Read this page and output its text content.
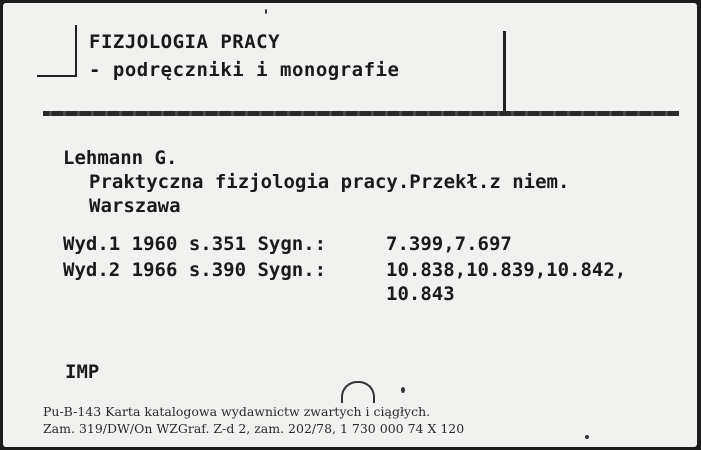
FIZJOLOGIA PRACY
- podręczniki i monografie
Lehmann G.
Praktyczna fizjologia pracy.Przekł.z niem.
Warszawa
Wyd.1 1960 s.351 Sygn.:	7.399,7.697
Wyd.2 1966 s.390 Sygn.:	10.838,10.839,10.842,
10.843
IMP
Pu-B-143 Karta katalogowa wydawnictw zwartych i ciągłych.
Zam. 319/DW/On WZGraf. Z-d 2, zam. 202/78, 1 730 000 74 X 120
